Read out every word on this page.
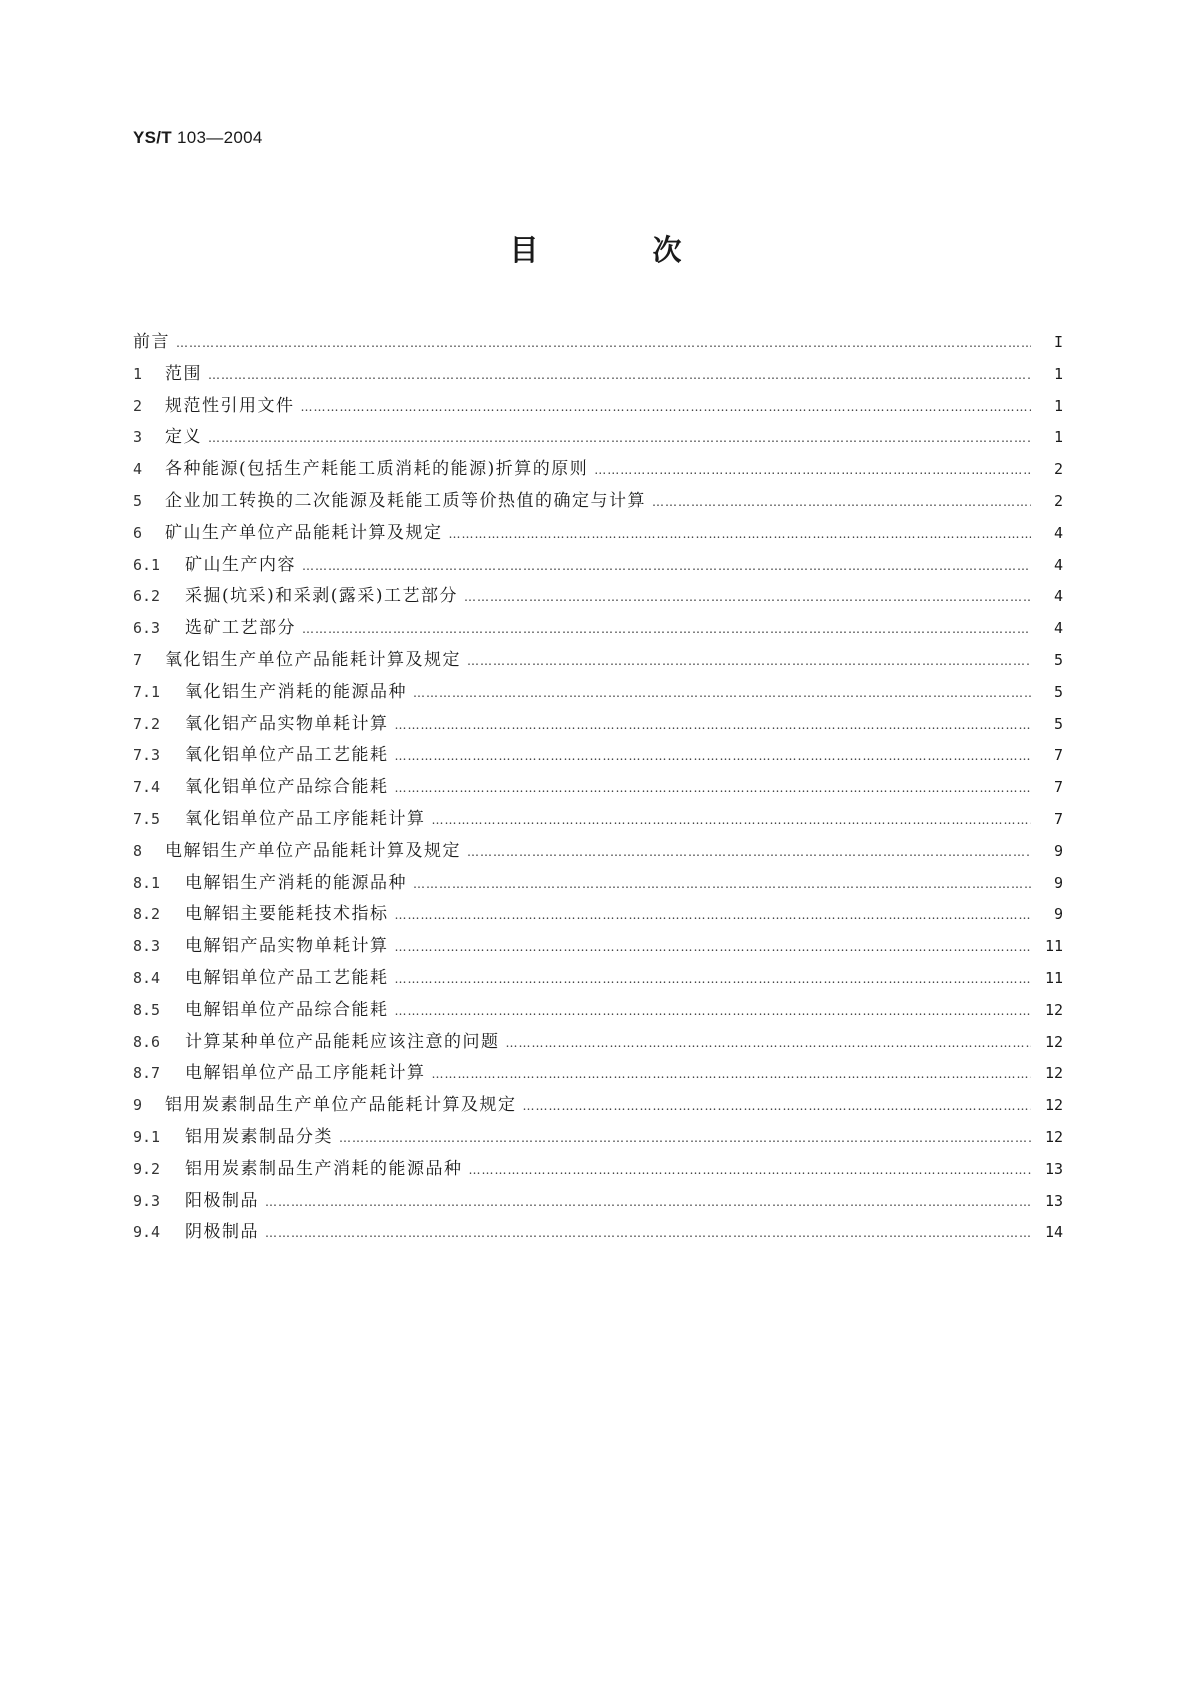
YS/T 103—2004
目 次
前言 …………………………………………………………………………………………………………………………………………………………………………………………………………………………………………………………………	I
1	范围 …………………………………………………………………………………………………………………………………………………………………………………………………………………………………………………………………	1
2	规范性引用文件 …………………………………………………………………………………………………………………………………………………………………………………………………………………………………………………………………	1
3	定义 …………………………………………………………………………………………………………………………………………………………………………………………………………………………………………………………………	1
4	各种能源(包括生产耗能工质消耗的能源)折算的原则 …………………………………………………………………………………………………………………………………………………………………………………………………………………………………………………………………	2
5	企业加工转换的二次能源及耗能工质等价热值的确定与计算 …………………………………………………………………………………………………………………………………………………………………………………………………………………………………………………………………	2
6	矿山生产单位产品能耗计算及规定 …………………………………………………………………………………………………………………………………………………………………………………………………………………………………………………………………	4
6.1	矿山生产内容 …………………………………………………………………………………………………………………………………………………………………………………………………………………………………………………………………	4
6.2	采掘(坑采)和采剥(露采)工艺部分 …………………………………………………………………………………………………………………………………………………………………………………………………………………………………………………………………	4
6.3	选矿工艺部分 …………………………………………………………………………………………………………………………………………………………………………………………………………………………………………………………………	4
7	氧化铝生产单位产品能耗计算及规定 …………………………………………………………………………………………………………………………………………………………………………………………………………………………………………………………………	5
7.1	氧化铝生产消耗的能源品种 …………………………………………………………………………………………………………………………………………………………………………………………………………………………………………………………………	5
7.2	氧化铝产品实物单耗计算 …………………………………………………………………………………………………………………………………………………………………………………………………………………………………………………………………	5
7.3	氧化铝单位产品工艺能耗 …………………………………………………………………………………………………………………………………………………………………………………………………………………………………………………………………	7
7.4	氧化铝单位产品综合能耗 …………………………………………………………………………………………………………………………………………………………………………………………………………………………………………………………………	7
7.5	氧化铝单位产品工序能耗计算 …………………………………………………………………………………………………………………………………………………………………………………………………………………………………………………………………	7
8	电解铝生产单位产品能耗计算及规定 …………………………………………………………………………………………………………………………………………………………………………………………………………………………………………………………………	9
8.1	电解铝生产消耗的能源品种 …………………………………………………………………………………………………………………………………………………………………………………………………………………………………………………………………	9
8.2	电解铝主要能耗技术指标 …………………………………………………………………………………………………………………………………………………………………………………………………………………………………………………………………	9
8.3	电解铝产品实物单耗计算 …………………………………………………………………………………………………………………………………………………………………………………………………………………………………………………………………	11
8.4	电解铝单位产品工艺能耗 …………………………………………………………………………………………………………………………………………………………………………………………………………………………………………………………………	11
8.5	电解铝单位产品综合能耗 …………………………………………………………………………………………………………………………………………………………………………………………………………………………………………………………………	12
8.6	计算某种单位产品能耗应该注意的问题 …………………………………………………………………………………………………………………………………………………………………………………………………………………………………………………………………	12
8.7	电解铝单位产品工序能耗计算 …………………………………………………………………………………………………………………………………………………………………………………………………………………………………………………………………	12
9	铝用炭素制品生产单位产品能耗计算及规定 …………………………………………………………………………………………………………………………………………………………………………………………………………………………………………………………………	12
9.1	铝用炭素制品分类 …………………………………………………………………………………………………………………………………………………………………………………………………………………………………………………………………	12
9.2	铝用炭素制品生产消耗的能源品种 …………………………………………………………………………………………………………………………………………………………………………………………………………………………………………………………………	13
9.3	阳极制品 …………………………………………………………………………………………………………………………………………………………………………………………………………………………………………………………………	13
9.4	阴极制品 …………………………………………………………………………………………………………………………………………………………………………………………………………………………………………………………………	14
